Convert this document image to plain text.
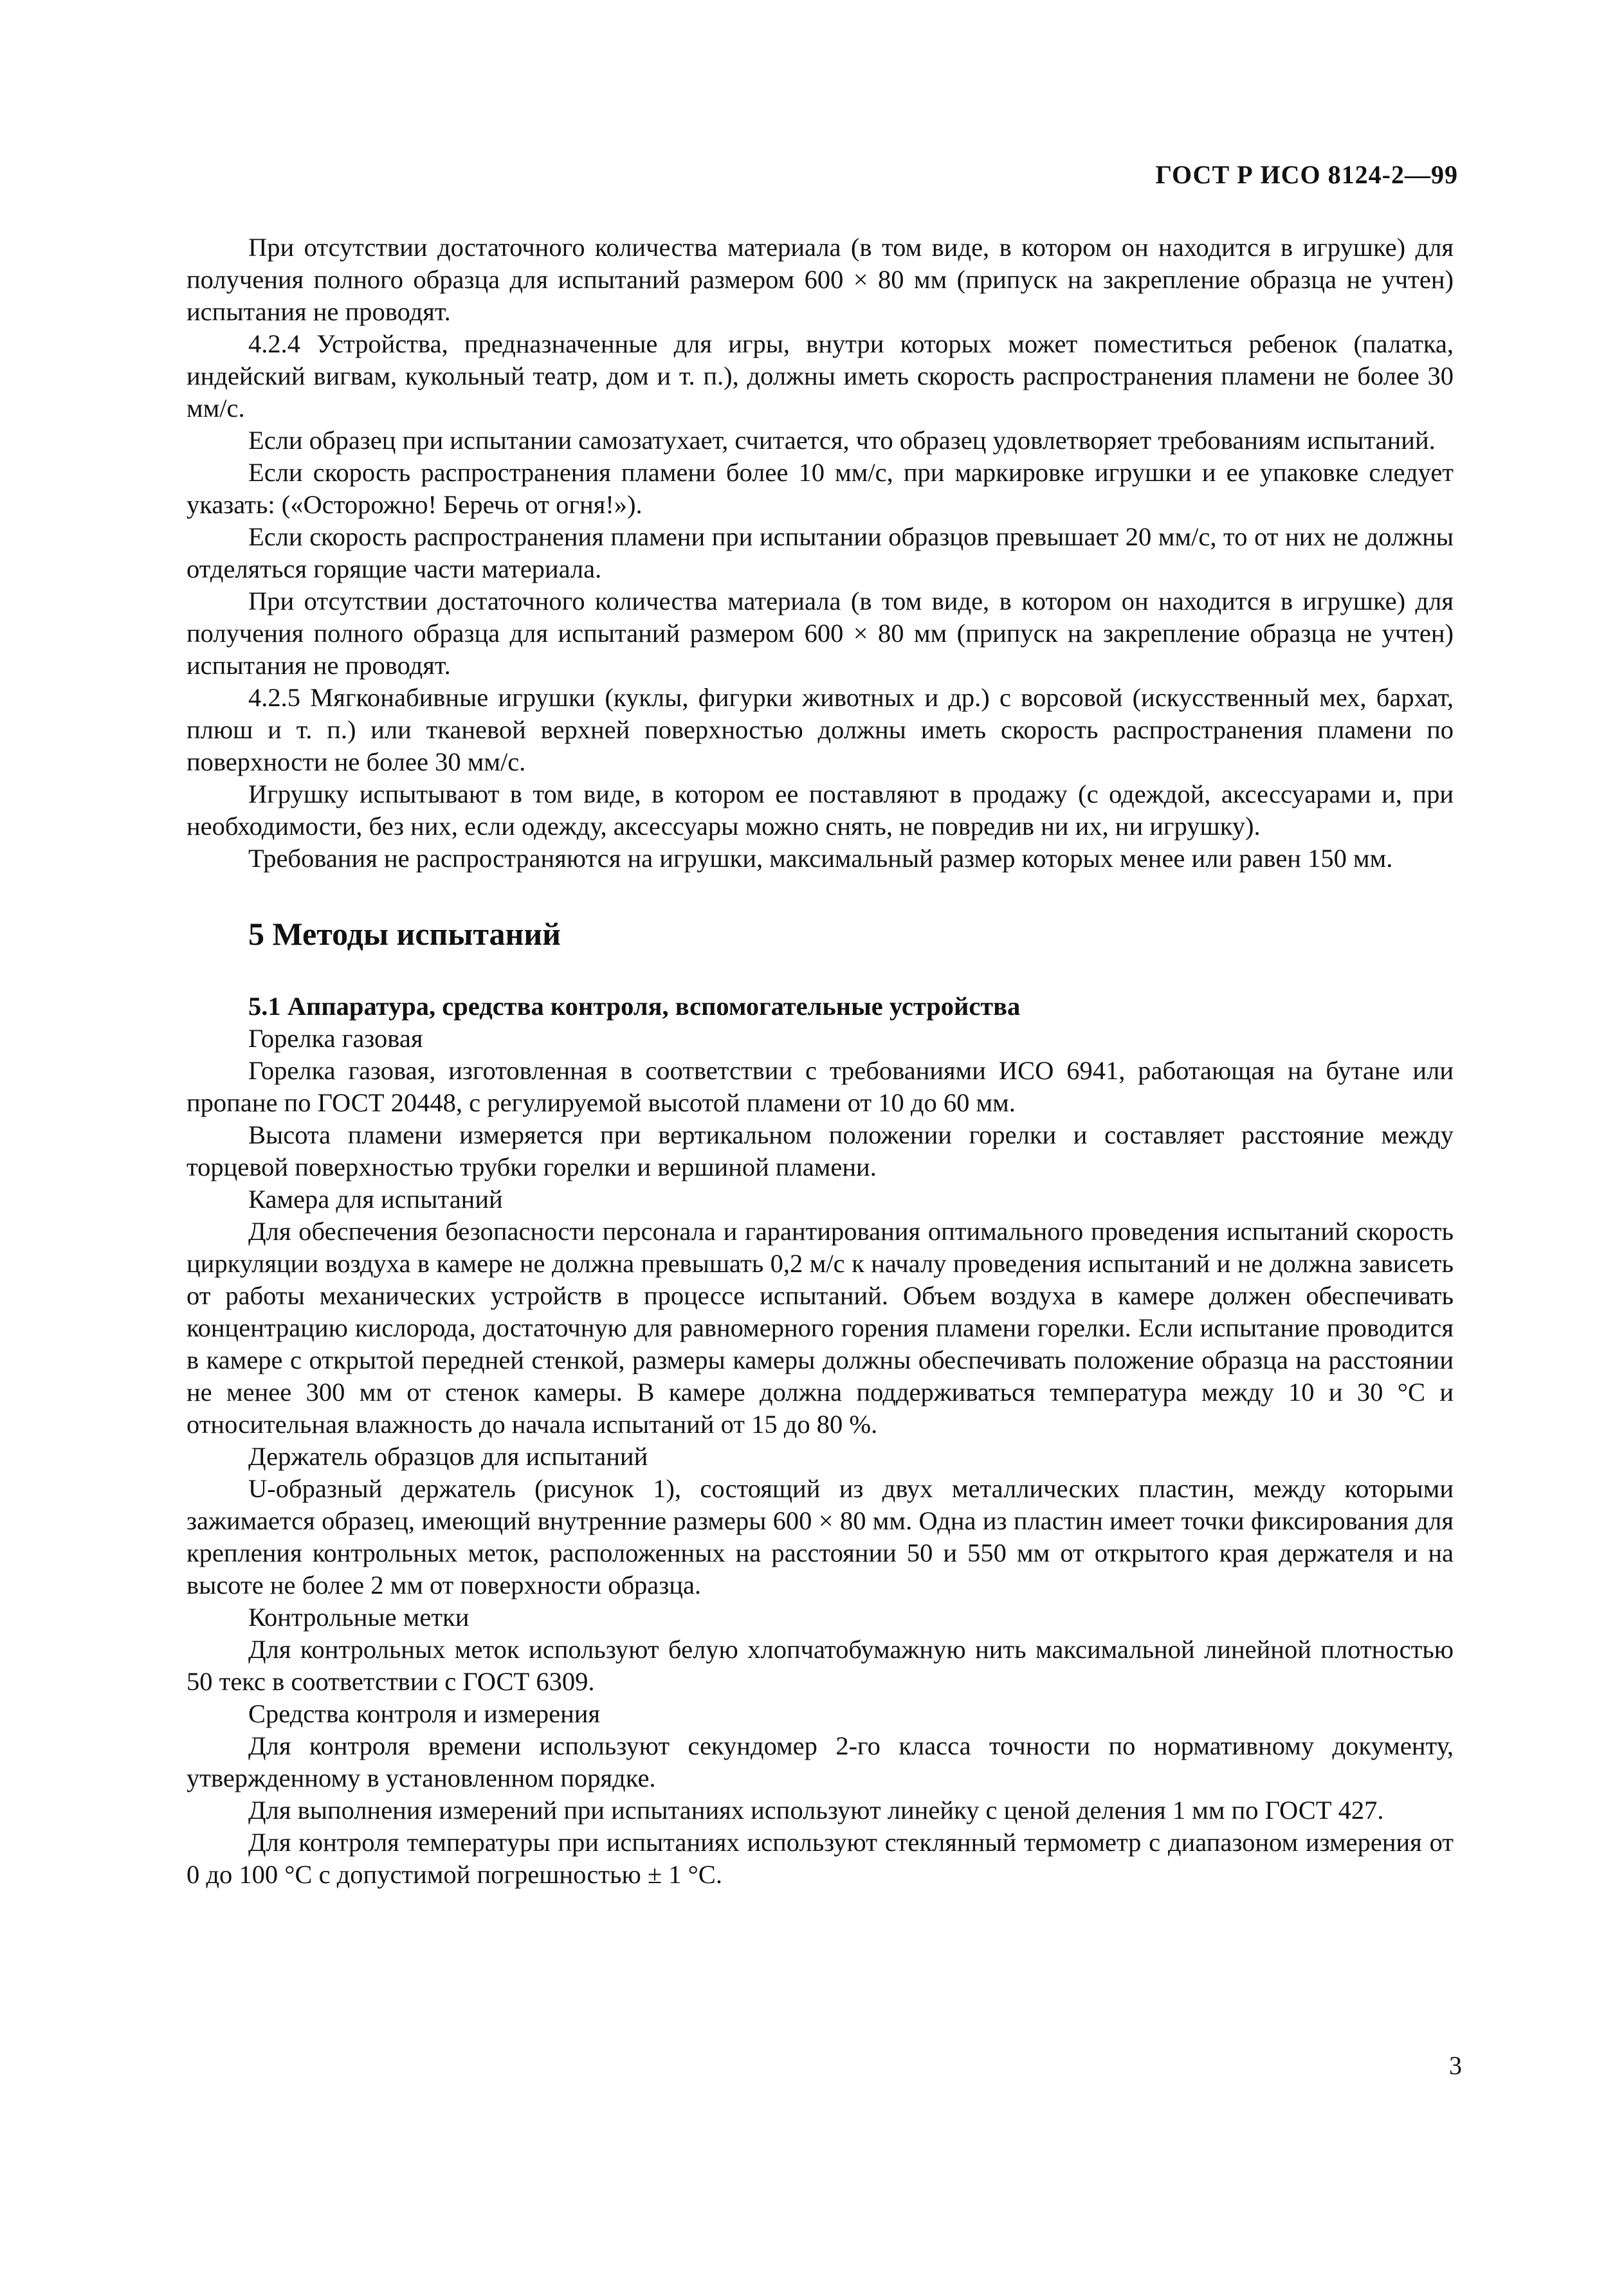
ГОСТ Р ИСО 8124-2—99

При отсутствии достаточного количества материала (в том виде, в котором он находится в игрушке) для получения полного образца для испытаний размером 600 × 80 мм (припуск на закрепление образца не учтен) испытания не проводят.

4.2.4 Устройства, предназначенные для игры, внутри которых может поместиться ребенок (палатка, индейский вигвам, кукольный театр, дом и т. п.), должны иметь скорость распространения пламени не более 30 мм/с.

Если образец при испытании самозатухает, считается, что образец удовлетворяет требованиям испытаний.

Если скорость распространения пламени более 10 мм/с, при маркировке игрушки и ее упаковке следует указать: («Осторожно! Беречь от огня!»).

Если скорость распространения пламени при испытании образцов превышает 20 мм/с, то от них не должны отделяться горящие части материала.

При отсутствии достаточного количества материала (в том виде, в котором он находится в игрушке) для получения полного образца для испытаний размером 600 × 80 мм (припуск на закрепление образца не учтен) испытания не проводят.

4.2.5 Мягконабивные игрушки (куклы, фигурки животных и др.) с ворсовой (искусственный мех, бархат, плюш и т. п.) или тканевой верхней поверхностью должны иметь скорость распространения пламени по поверхности не более 30 мм/с.

Игрушку испытывают в том виде, в котором ее поставляют в продажу (с одеждой, аксессуарами и, при необходимости, без них, если одежду, аксессуары можно снять, не повредив ни их, ни игрушку).

Требования не распространяются на игрушки, максимальный размер которых менее или равен 150 мм.

5 Методы испытаний

5.1 Аппаратура, средства контроля, вспомогательные устройства

Горелка газовая

Горелка газовая, изготовленная в соответствии с требованиями ИСО 6941, работающая на бутане или пропане по ГОСТ 20448, с регулируемой высотой пламени от 10 до 60 мм.

Высота пламени измеряется при вертикальном положении горелки и составляет расстояние между торцевой поверхностью трубки горелки и вершиной пламени.

Камера для испытаний

Для обеспечения безопасности персонала и гарантирования оптимального проведения испытаний скорость циркуляции воздуха в камере не должна превышать 0,2 м/с к началу проведения испытаний и не должна зависеть от работы механических устройств в процессе испытаний. Объем воздуха в камере должен обеспечивать концентрацию кислорода, достаточную для равномерного горения пламени горелки. Если испытание проводится в камере с открытой передней стенкой, размеры камеры должны обеспечивать положение образца на расстоянии не менее 300 мм от стенок камеры. В камере должна поддерживаться температура между 10 и 30 °С и относительная влажность до начала испытаний от 15 до 80 %.

Держатель образцов для испытаний

U-образный держатель (рисунок 1), состоящий из двух металлических пластин, между которыми зажимается образец, имеющий внутренние размеры 600 × 80 мм. Одна из пластин имеет точки фиксирования для крепления контрольных меток, расположенных на расстоянии 50 и 550 мм от открытого края держателя и на высоте не более 2 мм от поверхности образца.

Контрольные метки

Для контрольных меток используют белую хлопчатобумажную нить максимальной линейной плотностью 50 текс в соответствии с ГОСТ 6309.

Средства контроля и измерения

Для контроля времени используют секундомер 2-го класса точности по нормативному документу, утвержденному в установленном порядке.

Для выполнения измерений при испытаниях используют линейку с ценой деления 1 мм по ГОСТ 427.

Для контроля температуры при испытаниях используют стеклянный термометр с диапазоном измерения от 0 до 100 °С с допустимой погрешностью ± 1 °С.

3
